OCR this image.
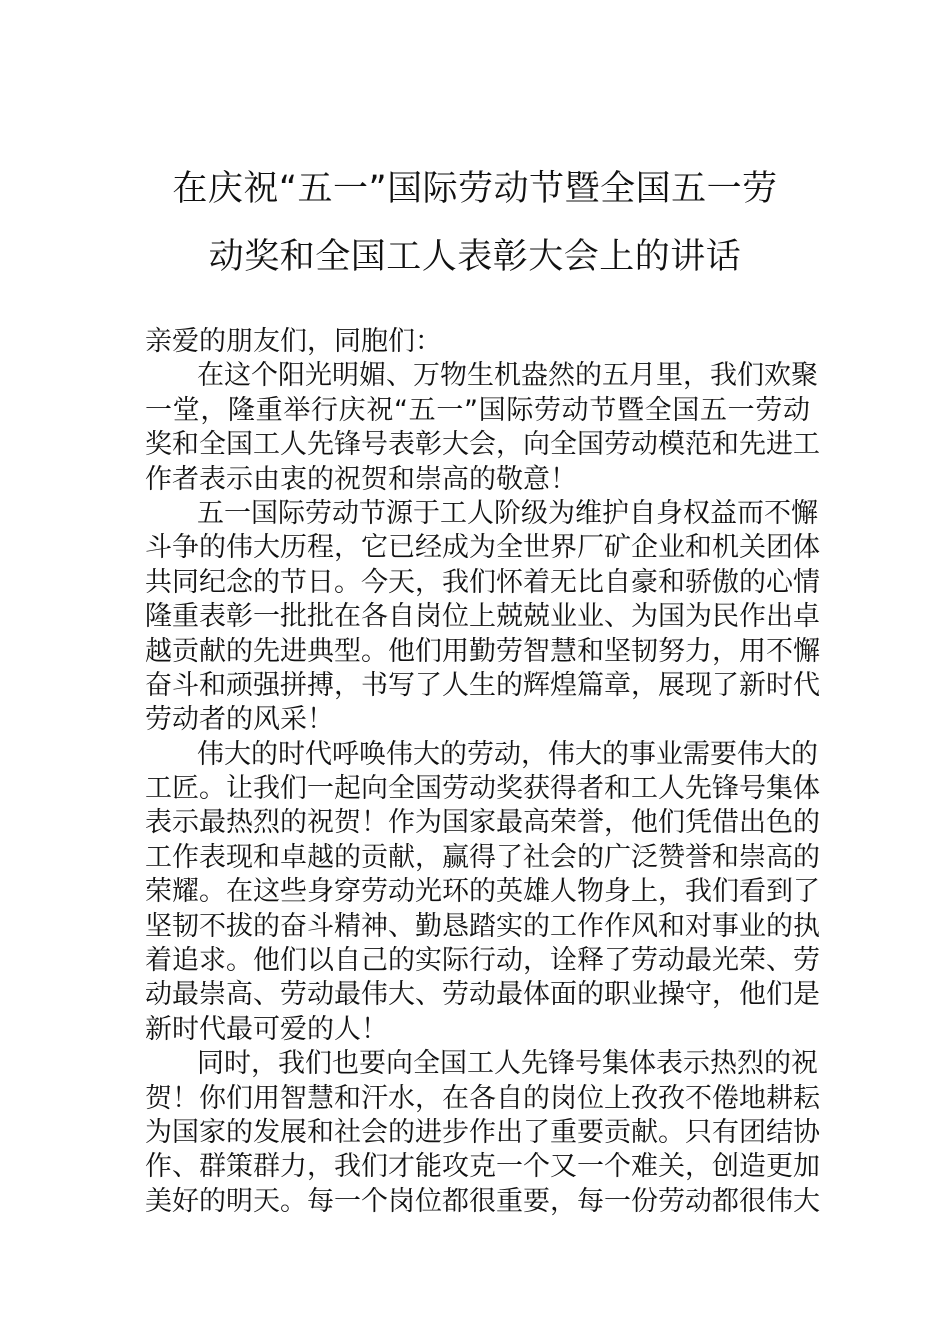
在庆祝“五一”国际劳动节暨全国五一劳
动奖和全国工人表彰大会上的讲话
亲爱的朋友们，同胞们：
在这个阳光明媚、万物生机盎然的五月里，我们欢聚
一堂，隆重举行庆祝“五一”国际劳动节暨全国五一劳动
奖和全国工人先锋号表彰大会，向全国劳动模范和先进工
作者表示由衷的祝贺和崇高的敬意！
五一国际劳动节源于工人阶级为维护自身权益而不懈
斗争的伟大历程，它已经成为全世界厂矿企业和机关团体
共同纪念的节日。今天，我们怀着无比自豪和骄傲的心情
隆重表彰一批批在各自岗位上兢兢业业、为国为民作出卓
越贡献的先进典型。他们用勤劳智慧和坚韧努力，用不懈
奋斗和顽强拼搏，书写了人生的辉煌篇章，展现了新时代
劳动者的风采！
伟大的时代呼唤伟大的劳动，伟大的事业需要伟大的
工匠。让我们一起向全国劳动奖获得者和工人先锋号集体
表示最热烈的祝贺！作为国家最高荣誉，他们凭借出色的
工作表现和卓越的贡献，赢得了社会的广泛赞誉和崇高的
荣耀。在这些身穿劳动光环的英雄人物身上，我们看到了
坚韧不拔的奋斗精神、勤恳踏实的工作作风和对事业的执
着追求。他们以自己的实际行动，诠释了劳动最光荣、劳
动最崇高、劳动最伟大、劳动最体面的职业操守，他们是
新时代最可爱的人！
同时，我们也要向全国工人先锋号集体表示热烈的祝
贺！你们用智慧和汗水，在各自的岗位上孜孜不倦地耕耘
为国家的发展和社会的进步作出了重要贡献。只有团结协
作、群策群力，我们才能攻克一个又一个难关，创造更加
美好的明天。每一个岗位都很重要，每一份劳动都很伟大
